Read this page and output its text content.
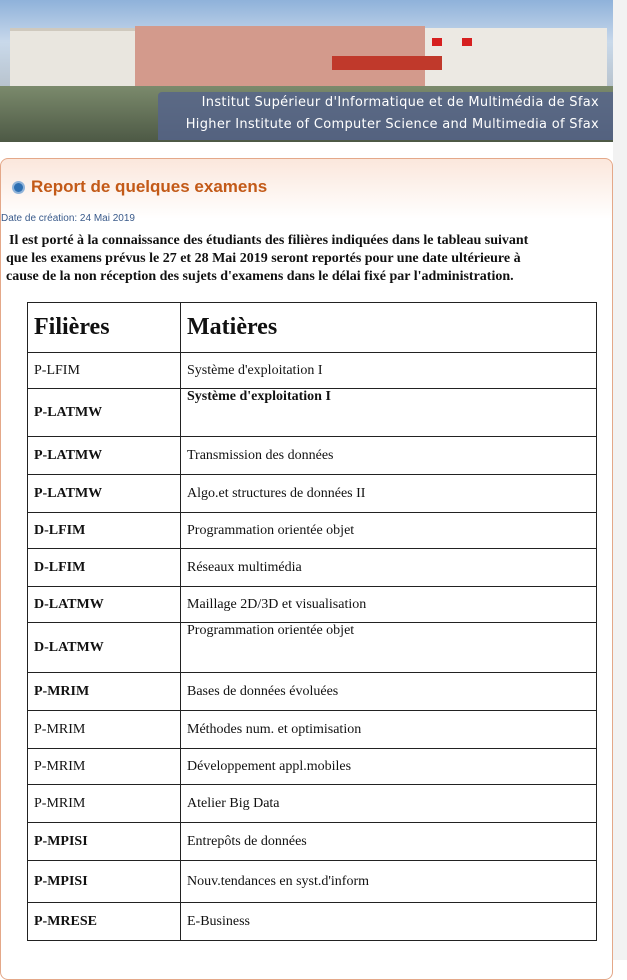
Institut Supérieur d'Informatique et de Multimédia de Sfax
Higher Institute of Computer Science and Multimedia of Sfax
Report de quelques examens
Date de création: 24 Mai 2019
Il est porté à la connaissance des étudiants des filières indiquées dans le tableau suivant
que les examens prévus le 27 et 28 Mai 2019 seront reportés pour une date ultérieure à
cause de la non réception des sujets d'examens dans le délai fixé par l'administration.
Filières	Matières
P-LFIM	Système d'exploitation I
P-LATMW	Système d'exploitation I
P-LATMW	Transmission des données
P-LATMW	Algo.et structures de données II
D-LFIM	Programmation orientée objet
D-LFIM	Réseaux multimédia
D-LATMW	Maillage 2D/3D et visualisation
D-LATMW	Programmation orientée objet
P-MRIM	Bases de données évoluées
P-MRIM	Méthodes num. et optimisation
P-MRIM	Développement appl.mobiles
P-MRIM	Atelier Big Data
P-MPISI	Entrepôts de données
P-MPISI	Nouv.tendances en syst.d'inform
P-MRESE	E-Business
